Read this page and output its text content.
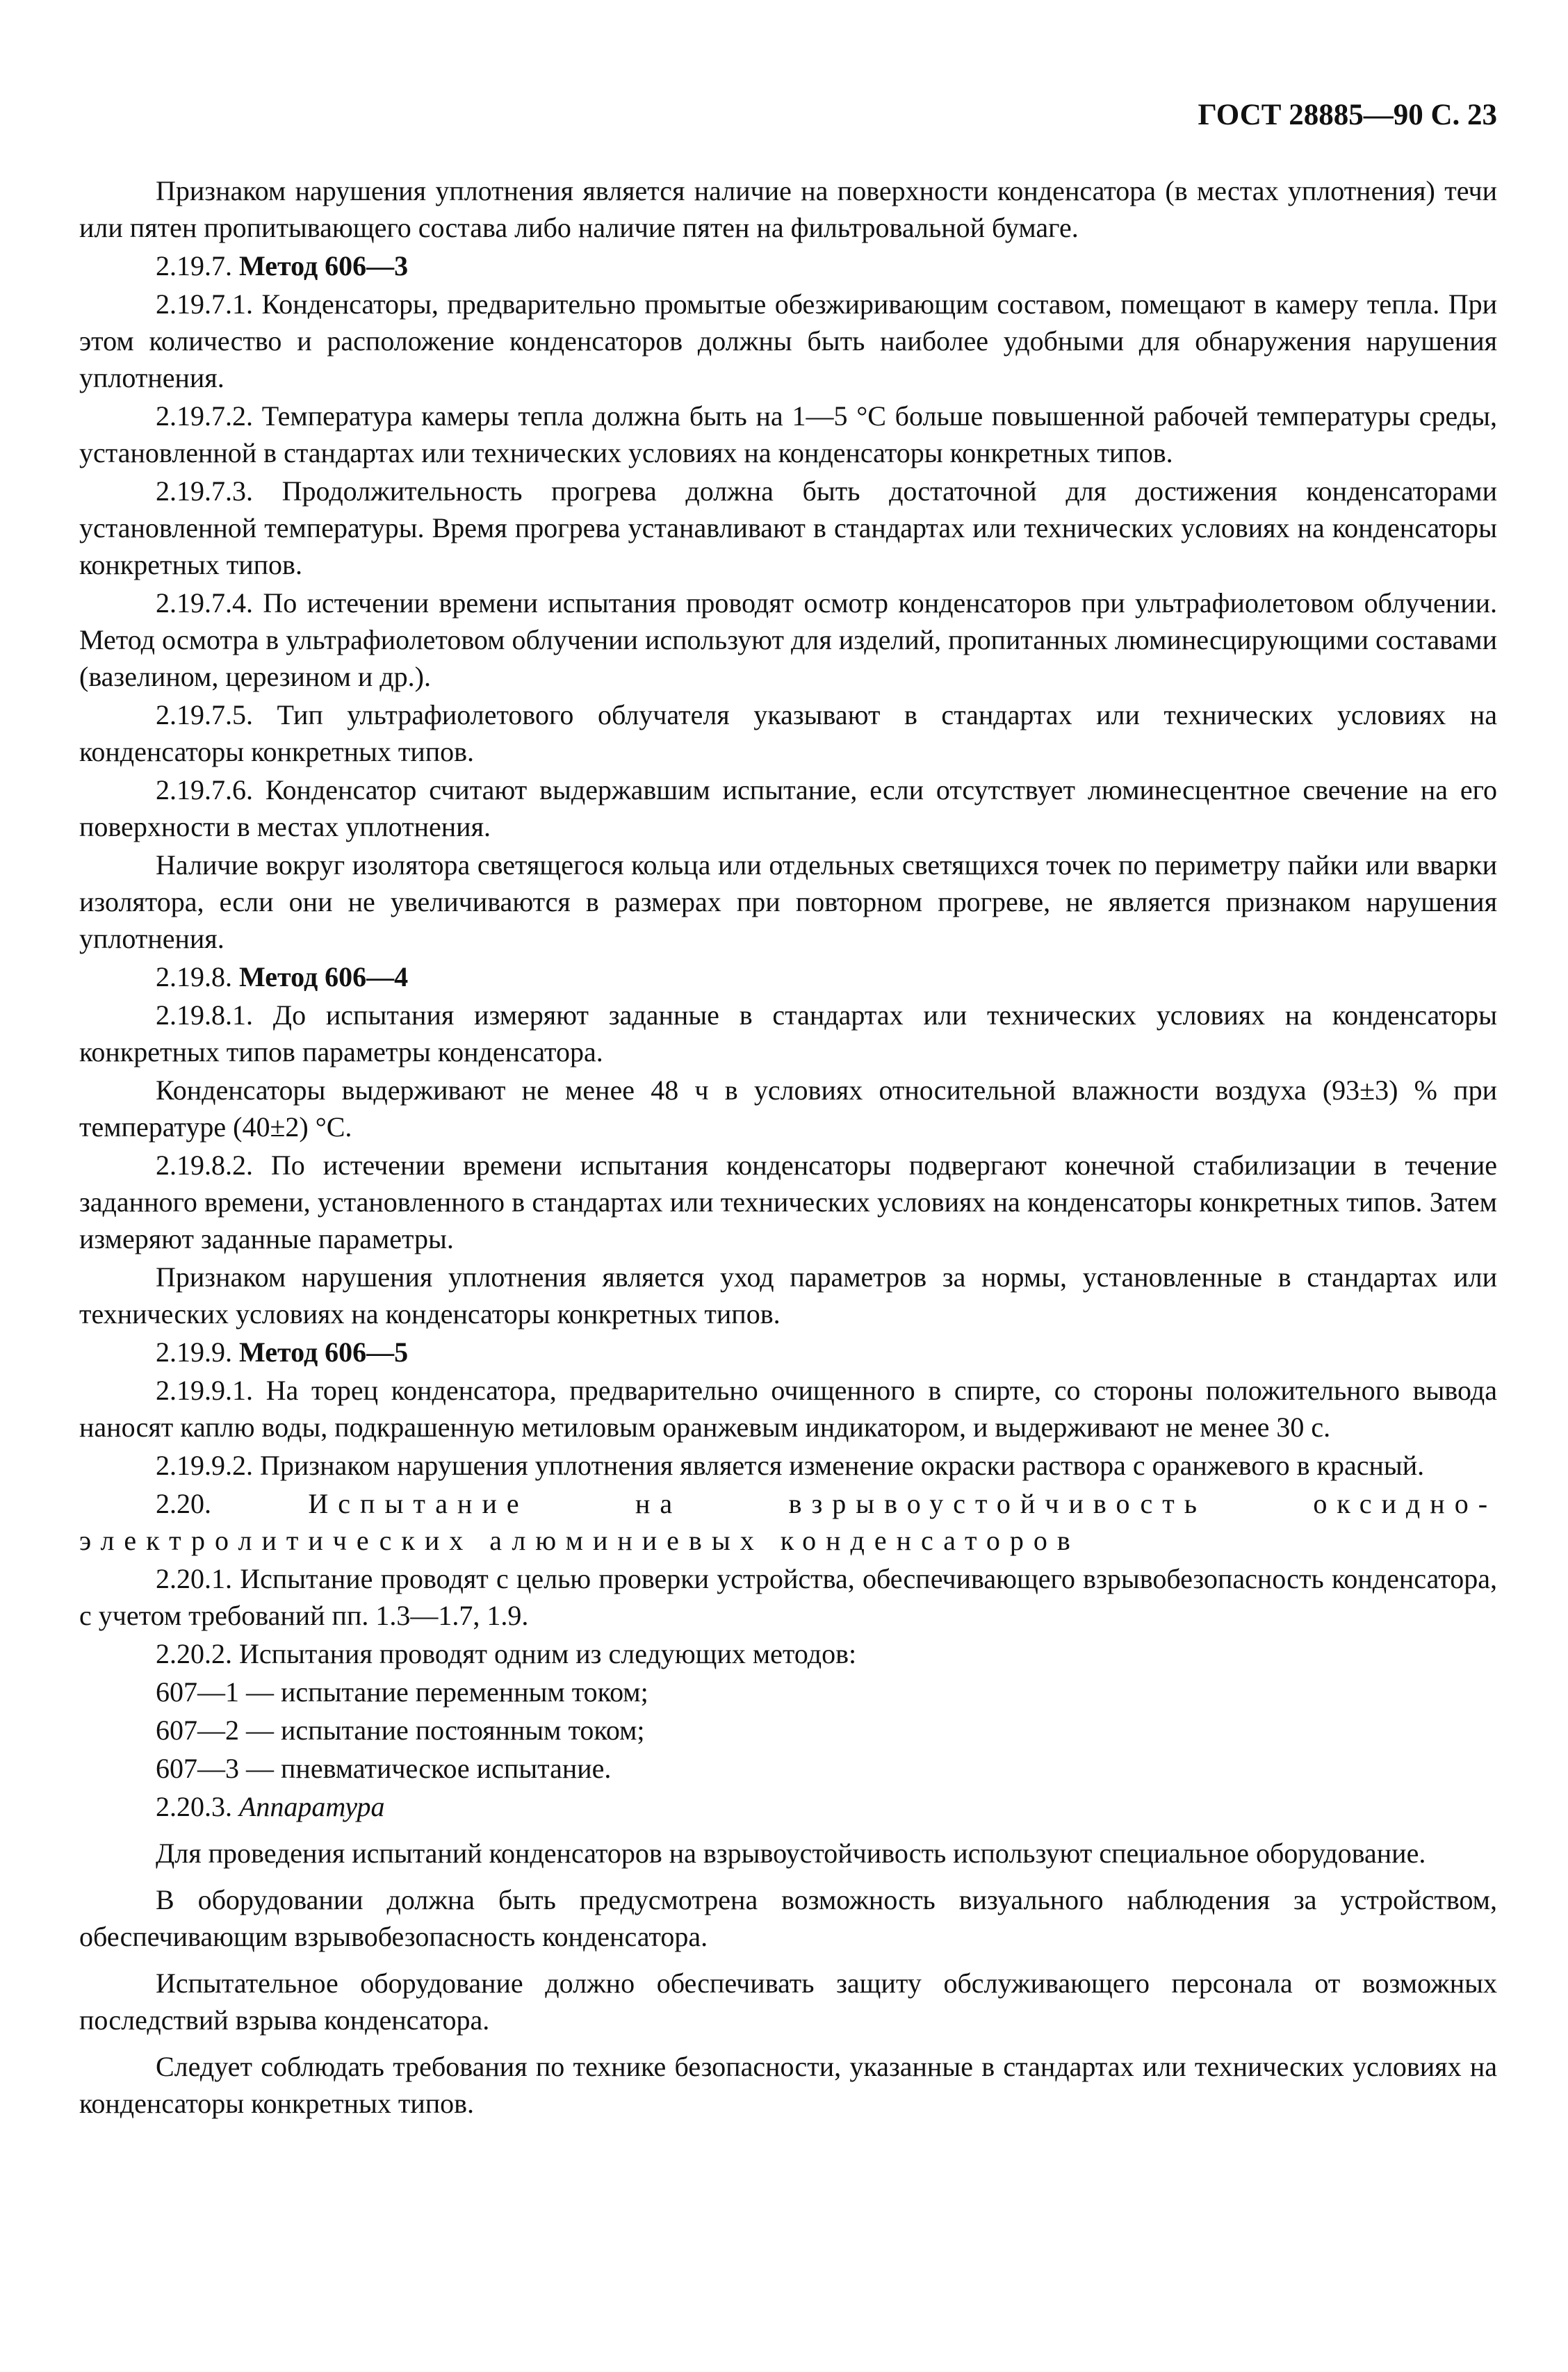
ГОСТ 28885—90 С. 23

Признаком нарушения уплотнения является наличие на поверхности конденсатора (в местах уплотнения) течи или пятен пропитывающего состава либо наличие пятен на фильтровальной бумаге.

2.19.7. Метод 606—3

2.19.7.1. Конденсаторы, предварительно промытые обезжиривающим составом, помещают в камеру тепла. При этом количество и расположение конденсаторов должны быть наиболее удобными для обнаружения нарушения уплотнения.

2.19.7.2. Температура камеры тепла должна быть на 1—5 °С больше повышенной рабочей температуры среды, установленной в стандартах или технических условиях на конденсаторы конкретных типов.

2.19.7.3. Продолжительность прогрева должна быть достаточной для достижения конденсаторами установленной температуры. Время прогрева устанавливают в стандартах или технических условиях на конденсаторы конкретных типов.

2.19.7.4. По истечении времени испытания проводят осмотр конденсаторов при ультрафиолетовом облучении. Метод осмотра в ультрафиолетовом облучении используют для изделий, пропитанных люминесцирующими составами (вазелином, церезином и др.).

2.19.7.5. Тип ультрафиолетового облучателя указывают в стандартах или технических условиях на конденсаторы конкретных типов.

2.19.7.6. Конденсатор считают выдержавшим испытание, если отсутствует люминесцентное свечение на его поверхности в местах уплотнения.

Наличие вокруг изолятора светящегося кольца или отдельных светящихся точек по периметру пайки или вварки изолятора, если они не увеличиваются в размерах при повторном прогреве, не является признаком нарушения уплотнения.

2.19.8. Метод 606—4

2.19.8.1. До испытания измеряют заданные в стандартах или технических условиях на конденсаторы конкретных типов параметры конденсатора.

Конденсаторы выдерживают не менее 48 ч в условиях относительной влажности воздуха (93±3) % при температуре (40±2) °С.

2.19.8.2. По истечении времени испытания конденсаторы подвергают конечной стабилизации в течение заданного времени, установленного в стандартах или технических условиях на конденсаторы конкретных типов. Затем измеряют заданные параметры.

Признаком нарушения уплотнения является уход параметров за нормы, установленные в стандартах или технических условиях на конденсаторы конкретных типов.

2.19.9. Метод 606—5

2.19.9.1. На торец конденсатора, предварительно очищенного в спирте, со стороны положительного вывода наносят каплю воды, подкрашенную метиловым оранжевым индикатором, и выдерживают не менее 30 с.

2.19.9.2. Признаком нарушения уплотнения является изменение окраски раствора с оранжевого в красный.

2.20.	Испытание на взрывоустойчивость оксидно-электролитических алюминиевых конденсаторов

2.20.1. Испытание проводят с целью проверки устройства, обеспечивающего взрывобезопасность конденсатора, с учетом требований пп. 1.3—1.7, 1.9.

2.20.2. Испытания проводят одним из следующих методов:

607—1 — испытание переменным током;

607—2 — испытание постоянным током;

607—3 — пневматическое испытание.

2.20.3. Аппаратура

Для проведения испытаний конденсаторов на взрывоустойчивость используют специальное оборудование.

В оборудовании должна быть предусмотрена возможность визуального наблюдения за устройством, обеспечивающим взрывобезопасность конденсатора.

Испытательное оборудование должно обеспечивать защиту обслуживающего персонала от возможных последствий взрыва конденсатора.

Следует соблюдать требования по технике безопасности, указанные в стандартах или технических условиях на конденсаторы конкретных типов.
